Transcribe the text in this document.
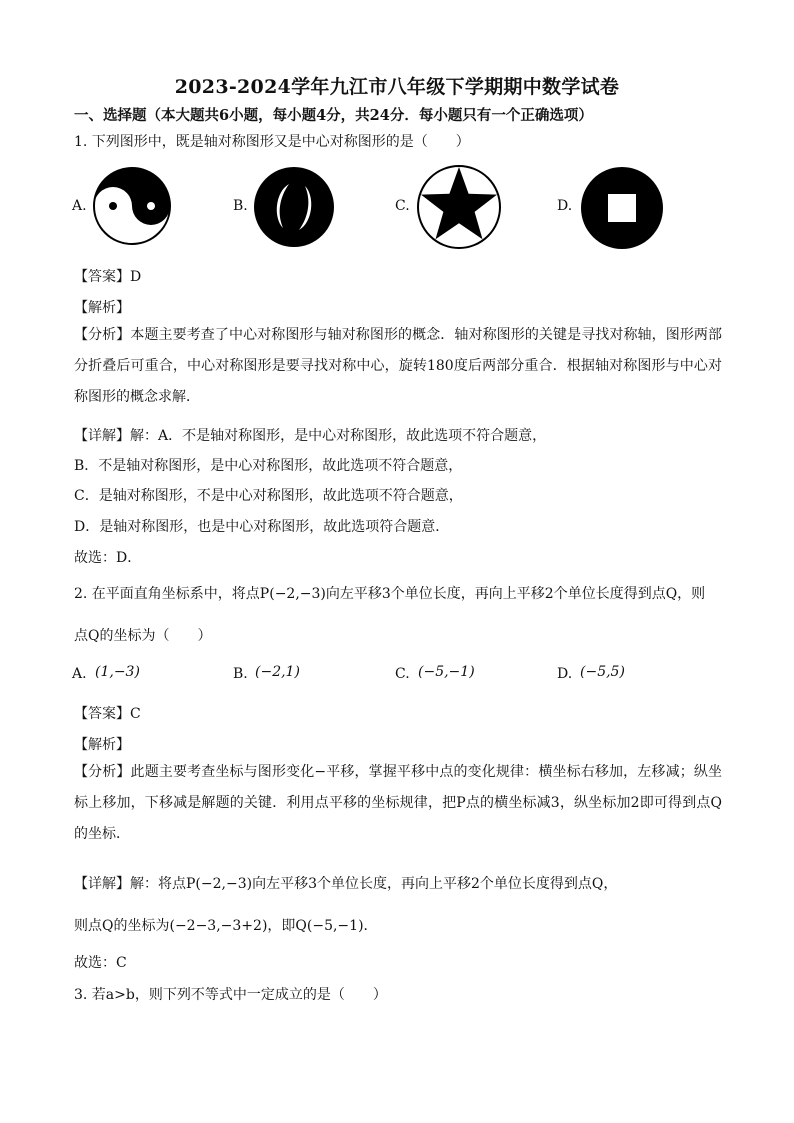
2023-2024学年九江市八年级下学期期中数学试卷
一、选择题（本大题共6小题，每小题4分，共24分．每小题只有一个正确选项）
1. 下列图形中，既是轴对称图形又是中心对称图形的是（　　）
A.	B.	C.	D.
【答案】D
【解析】
【分析】本题主要考查了中心对称图形与轴对称图形的概念．轴对称图形的关键是寻找对称轴，图形两部分折叠后可重合，中心对称图形是要寻找对称中心，旋转180度后两部分重合．根据轴对称图形与中心对称图形的概念求解．
【详解】解：A．不是轴对称图形，是中心对称图形，故此选项不符合题意，
B．不是轴对称图形，是中心对称图形，故此选项不符合题意，
C．是轴对称图形，不是中心对称图形，故此选项不符合题意，
D．是轴对称图形，也是中心对称图形，故此选项符合题意．
故选：D．
2. 在平面直角坐标系中，将点P(−2,−3)向左平移3个单位长度，再向上平移2个单位长度得到点Q，则
点Q的坐标为（　　）
A. (1,−3)	B. (−2,1)	C. (−5,−1)	D. (−5,5)
【答案】C
【解析】
【分析】此题主要考查坐标与图形变化−平移，掌握平移中点的变化规律：横坐标右移加，左移减；纵坐标上移加，下移减是解题的关键．利用点平移的坐标规律，把P点的横坐标减3，纵坐标加2即可得到点Q的坐标．
【详解】解：将点P(−2,−3)向左平移3个单位长度，再向上平移2个单位长度得到点Q，
则点Q的坐标为(−2−3,−3+2)，即Q(−5,−1)．
故选：C
3. 若a>b，则下列不等式中一定成立的是（　　）
